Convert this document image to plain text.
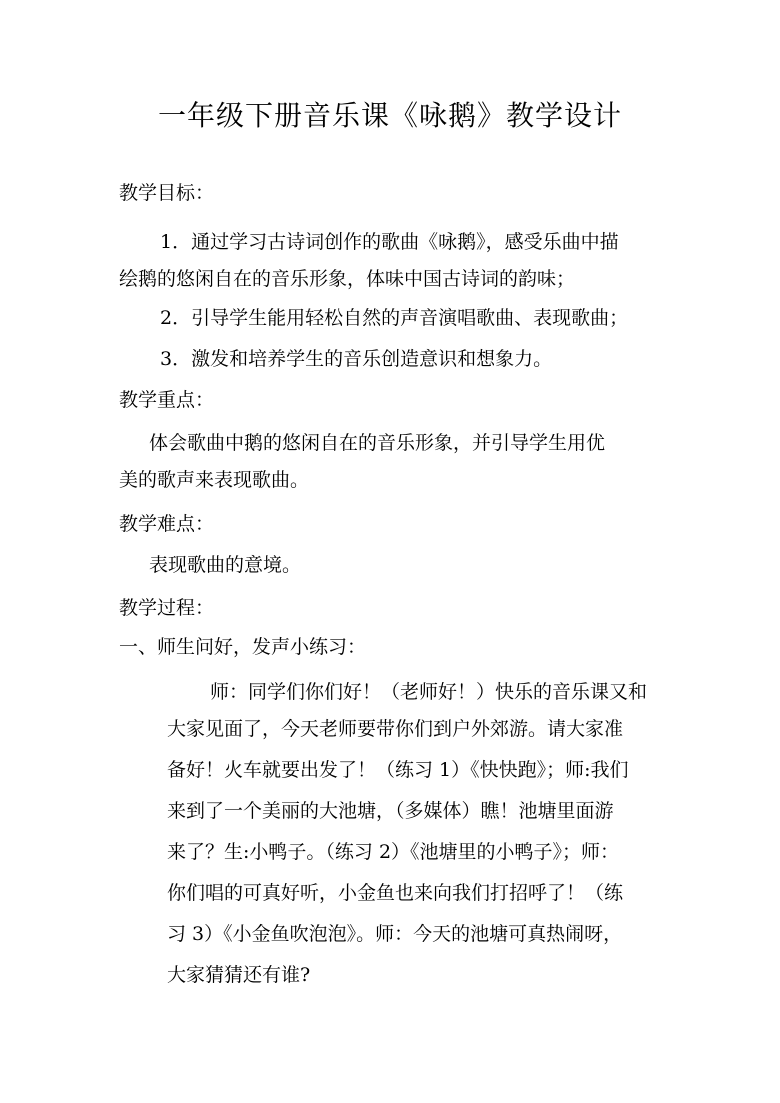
一年级下册音乐课《咏鹅》教学设计
教学目标：
1．通过学习古诗词创作的歌曲《咏鹅》，感受乐曲中描
绘鹅的悠闲自在的音乐形象，体味中国古诗词的韵味；
2．引导学生能用轻松自然的声音演唱歌曲、表现歌曲；
3．激发和培养学生的音乐创造意识和想象力。
教学重点：
体会歌曲中鹅的悠闲自在的音乐形象，并引导学生用优
美的歌声来表现歌曲。
教学难点：
表现歌曲的意境。
教学过程：
一、师生问好，发声小练习：
师：同学们你们好！（老师好！）快乐的音乐课又和
大家见面了，今天老师要带你们到户外郊游。请大家准
备好！火车就要出发了！（练习 1）《快快跑》；师:我们
来到了一个美丽的大池塘，（多媒体）瞧！池塘里面游
来了？生:小鸭子。（练习 2）《池塘里的小鸭子》；师：
你们唱的可真好听，小金鱼也来向我们打招呼了！（练
习 3）《小金鱼吹泡泡》。师：今天的池塘可真热闹呀，
大家猜猜还有谁?
